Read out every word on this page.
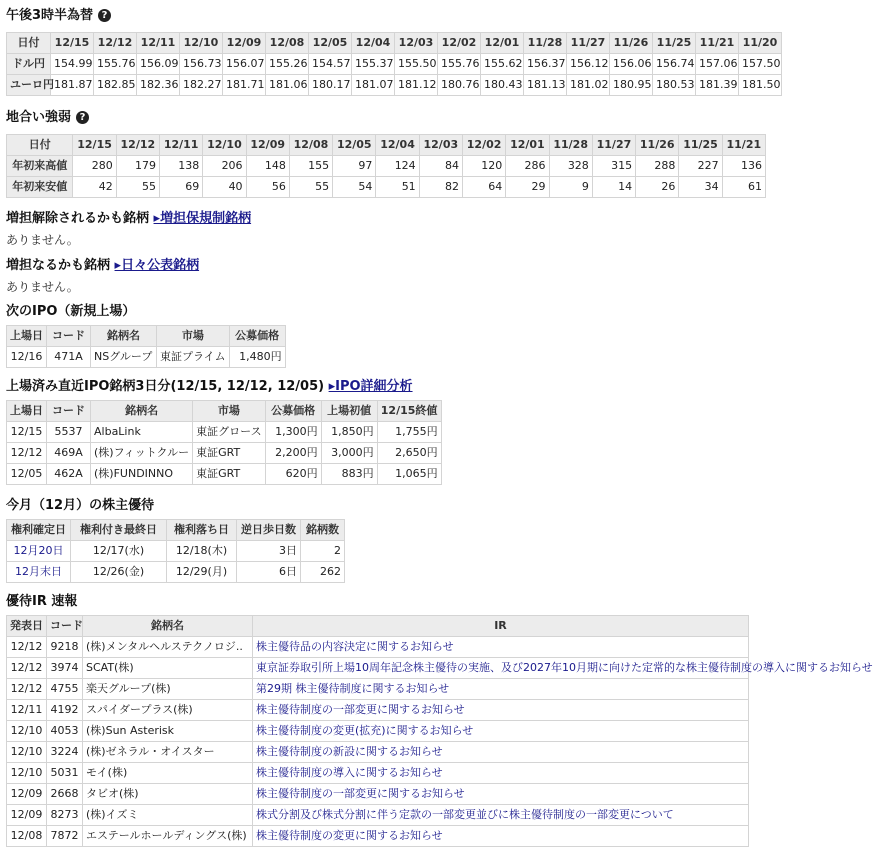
午後3時半為替 ?
日付	12/15	12/12	12/11	12/10	12/09	12/08	12/05	12/04	12/03	12/02	12/01	11/28	11/27	11/26	11/25	11/21	11/20
ドル円	154.99	155.76	156.09	156.73	156.07	155.26	154.57	155.37	155.50	155.76	155.62	156.37	156.12	156.06	156.74	157.06	157.50
ユーロ円	181.87	182.85	182.36	182.27	181.71	181.06	180.17	181.07	181.12	180.76	180.43	181.13	181.02	180.95	180.53	181.39	181.50
地合い強弱 ?
日付	12/15	12/12	12/11	12/10	12/09	12/08	12/05	12/04	12/03	12/02	12/01	11/28	11/27	11/26	11/25	11/21
年初来高値	280	179	138	206	148	155	97	124	84	120	286	328	315	288	227	136
年初来安値	42	55	69	40	56	55	54	51	82	64	29	9	14	26	34	61
増担解除されるかも銘柄 ▸増担保規制銘柄
ありません。
増担なるかも銘柄 ▸日々公表銘柄
ありません。
次のIPO（新規上場）
上場日	コード	銘柄名	市場	公募価格
12/16	471A	NSグループ	東証プライム	1,480円
上場済み直近IPO銘柄3日分(12/15, 12/12, 12/05) ▸IPO詳細分析
上場日	コード	銘柄名	市場	公募価格	上場初値	12/15終値
12/15	5537	AlbaLink	東証グロース	1,300円	1,850円	1,755円
12/12	469A	(株)フィットクルー	東証GRT	2,200円	3,000円	2,650円
12/05	462A	(株)FUNDINNO	東証GRT	620円	883円	1,065円
今月（12月）の株主優待
権利確定日	権利付き最終日	権利落ち日	逆日歩日数	銘柄数
12月20日	12/17(水)	12/18(木)	3日	2
12月末日	12/26(金)	12/29(月)	6日	262
優待IR 速報
発表日	コード	銘柄名	IR
12/12	9218	(株)メンタルヘルステクノロジ..	株主優待品の内容決定に関するお知らせ
12/12	3974	SCAT(株)	東京証券取引所上場10周年記念株主優待の実施、及び2027年10月期に向けた定常的な株主優待制度の導入に関するお知らせ
12/12	4755	楽天グループ(株)	第29期 株主優待制度に関するお知らせ
12/11	4192	スパイダープラス(株)	株主優待制度の一部変更に関するお知らせ
12/10	4053	(株)Sun Asterisk	株主優待制度の変更(拡充)に関するお知らせ
12/10	3224	(株)ゼネラル・オイスター	株主優待制度の新設に関するお知らせ
12/10	5031	モイ(株)	株主優待制度の導入に関するお知らせ
12/09	2668	タビオ(株)	株主優待制度の一部変更に関するお知らせ
12/09	8273	(株)イズミ	株式分割及び株式分割に伴う定款の一部変更並びに株主優待制度の一部変更について
12/08	7872	エステールホールディングス(株)	株主優待制度の変更に関するお知らせ
